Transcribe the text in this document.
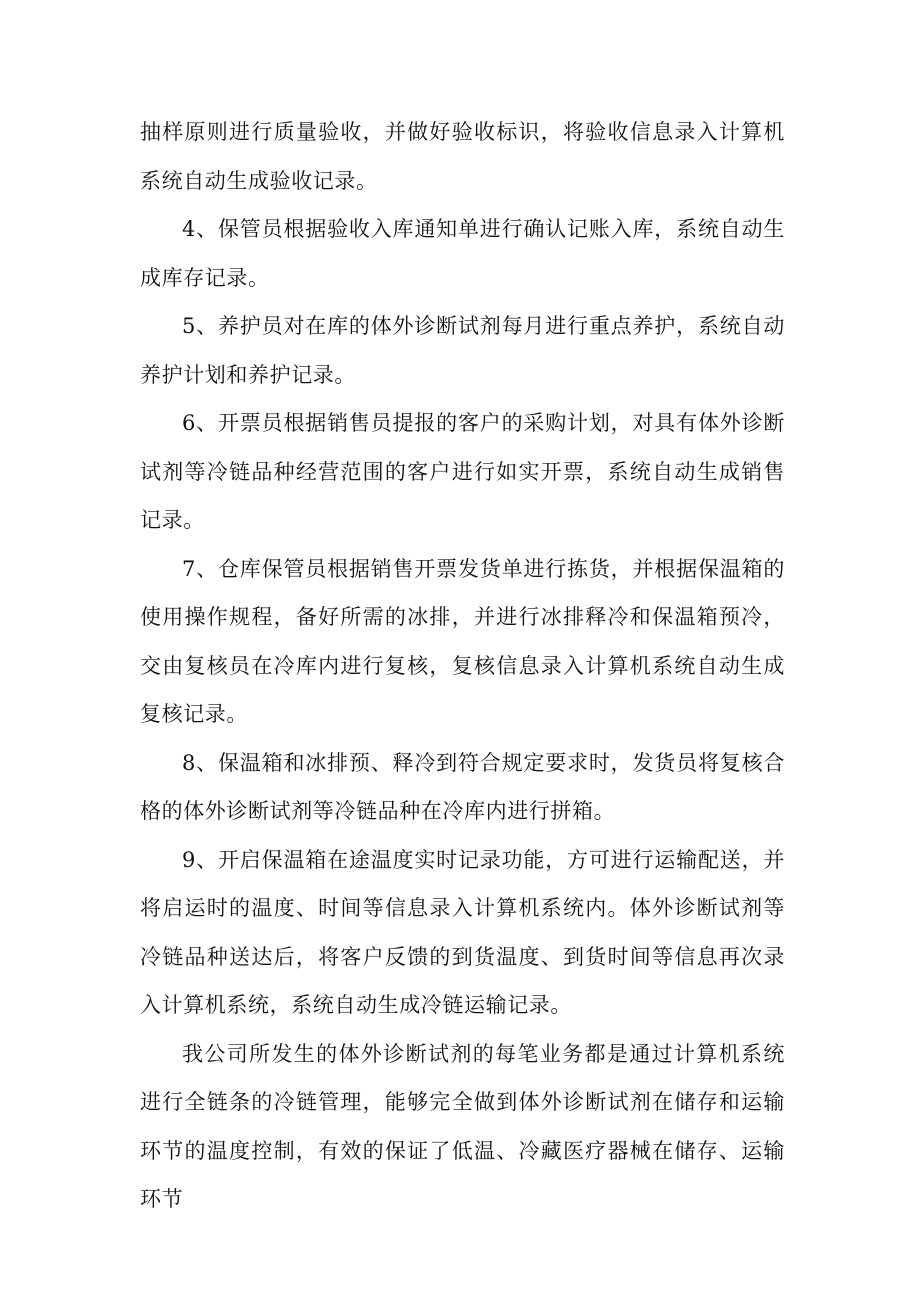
抽样原则进行质量验收，并做好验收标识，将验收信息录入计算机系统自动生成验收记录。

4、保管员根据验收入库通知单进行确认记账入库，系统自动生成库存记录。

5、养护员对在库的体外诊断试剂每月进行重点养护，系统自动养护计划和养护记录。

6、开票员根据销售员提报的客户的采购计划，对具有体外诊断试剂等冷链品种经营范围的客户进行如实开票，系统自动生成销售记录。

7、仓库保管员根据销售开票发货单进行拣货，并根据保温箱的使用操作规程，备好所需的冰排，并进行冰排释冷和保温箱预冷，交由复核员在冷库内进行复核，复核信息录入计算机系统自动生成复核记录。

8、保温箱和冰排预、释冷到符合规定要求时，发货员将复核合格的体外诊断试剂等冷链品种在冷库内进行拼箱。

9、开启保温箱在途温度实时记录功能，方可进行运输配送，并将启运时的温度、时间等信息录入计算机系统内。体外诊断试剂等冷链品种送达后，将客户反馈的到货温度、到货时间等信息再次录入计算机系统，系统自动生成冷链运输记录。

我公司所发生的体外诊断试剂的每笔业务都是通过计算机系统进行全链条的冷链管理，能够完全做到体外诊断试剂在储存和运输环节的温度控制，有效的保证了低温、冷藏医疗器械在储存、运输环节
